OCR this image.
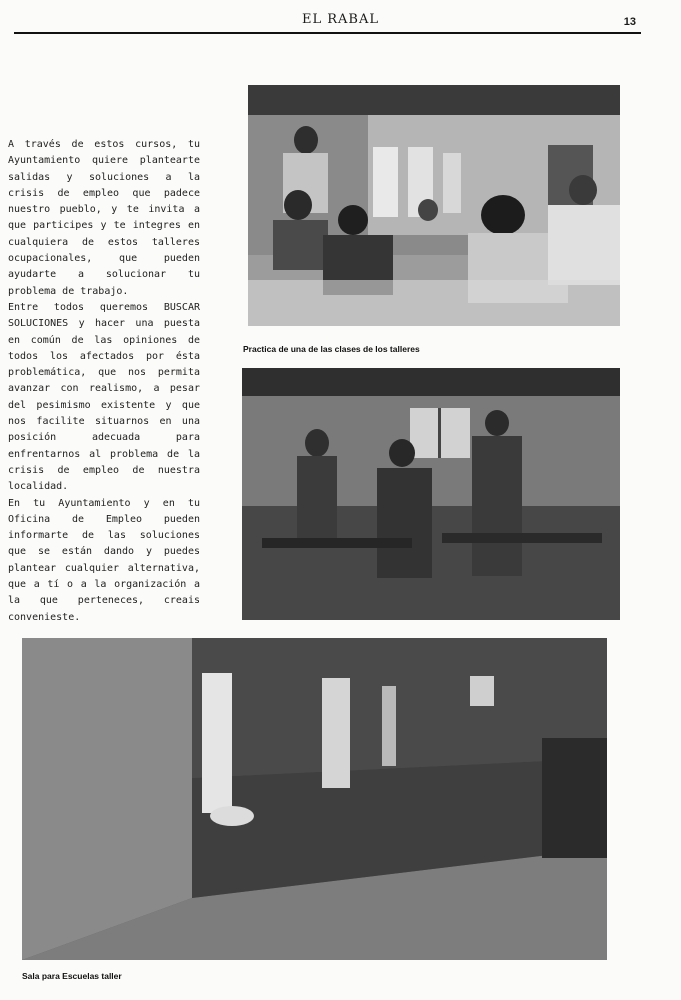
EL RABAL	13

A través de estos cursos, tu Ayuntamiento quiere plantearte salidas y soluciones a la crisis de empleo que padece nuestro pueblo, y te invita a que participes y te integres en cualquiera de estos talleres ocupacionales, que pueden ayudarte a solucionar tu problema de trabajo.

Entre todos queremos BUSCAR SOLUCIONES y hacer una puesta en común de las opiniones de todos los afectados por ésta problemática, que nos permita avanzar con realismo, a pesar del pesimismo existente y que nos facilite situarnos en una posición adecuada para enfrentarnos al problema de la crisis de empleo de nuestra localidad.

En tu Ayuntamiento y en tu Oficina de Empleo pueden informarte de las soluciones que se están dando y puedes plantear cualquier alternativa, que a tí o a la organización a la que perteneces, creais convenieste.

Practica de una de las clases de los talleres
Sala para Escuelas taller
